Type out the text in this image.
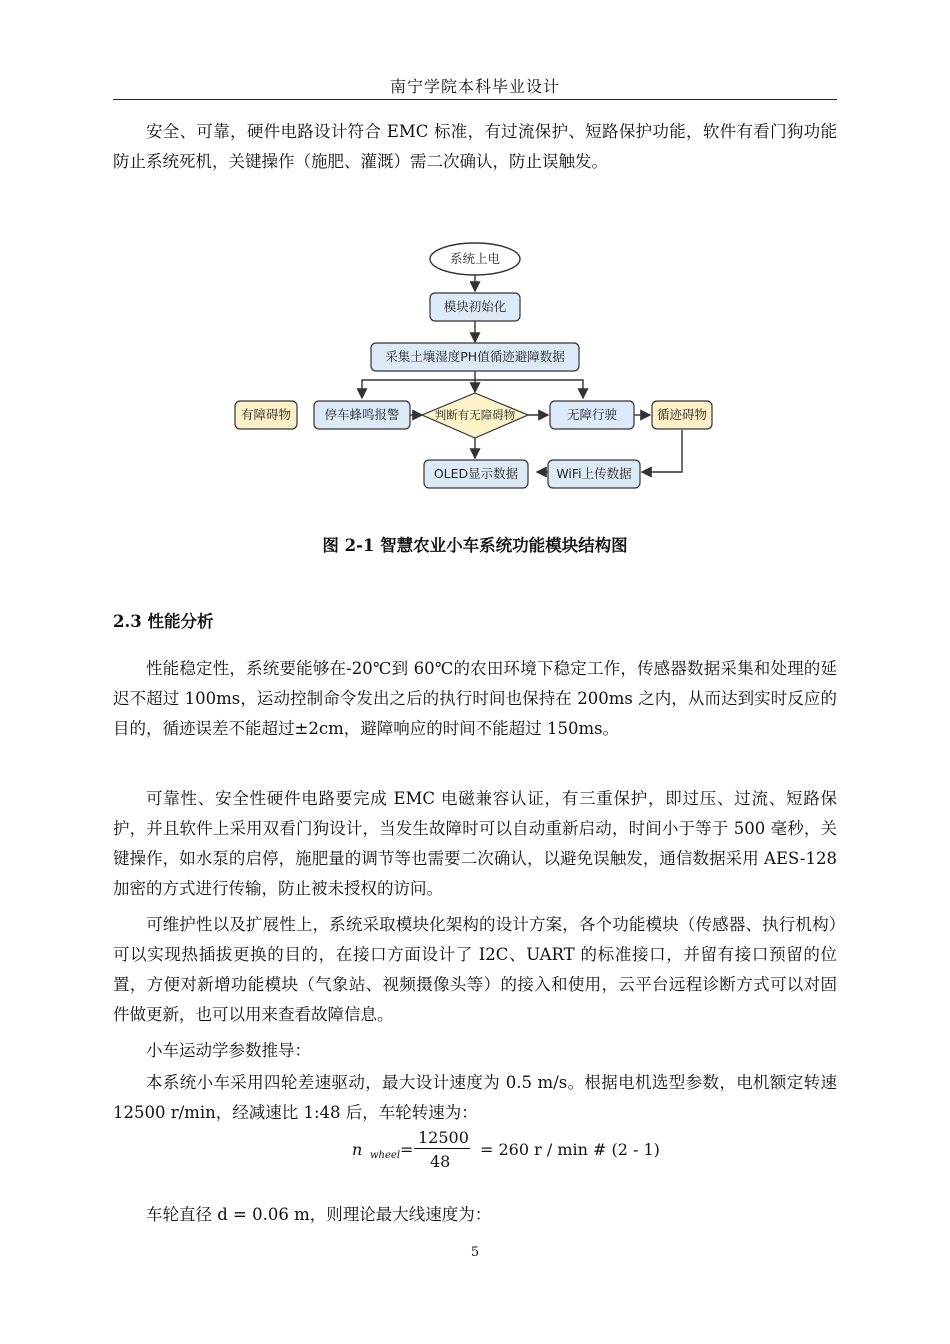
南宁学院本科毕业设计
安全、可靠，硬件电路设计符合 EMC 标准，有过流保护、短路保护功能，软件有看门狗功能防止系统死机，关键操作（施肥、灌溉）需二次确认，防止误触发。
系统上电
模块初始化
采集土壤湿度PH值循迹避障数据
有障碍物	停车蜂鸣报警	判断有无障碍物	无障行驶	循迹碍物
OLED显示数据	WiFi上传数据
图 2-1 智慧农业小车系统功能模块结构图
2.3 性能分析
性能稳定性，系统要能够在-20℃到 60℃的农田环境下稳定工作，传感器数据采集和处理的延迟不超过 100ms，运动控制命令发出之后的执行时间也保持在 200ms 之内，从而达到实时反应的目的，循迹误差不能超过±2cm，避障响应的时间不能超过 150ms。
可靠性、安全性硬件电路要完成 EMC 电磁兼容认证，有三重保护，即过压、过流、短路保护，并且软件上采用双看门狗设计，当发生故障时可以自动重新启动，时间小于等于 500 毫秒，关键操作，如水泵的启停，施肥量的调节等也需要二次确认，以避免误触发，通信数据采用 AES-128 加密的方式进行传输，防止被未授权的访问。
可维护性以及扩展性上，系统采取模块化架构的设计方案，各个功能模块（传感器、执行机构）可以实现热插拔更换的目的，在接口方面设计了 I2C、UART 的标准接口，并留有接口预留的位置，方便对新增功能模块（气象站、视频摄像头等）的接入和使用，云平台远程诊断方式可以对固件做更新，也可以用来查看故障信息。
小车运动学参数推导：
本系统小车采用四轮差速驱动，最大设计速度为 0.5 m/s。根据电机选型参数，电机额定转速 12500 r/min，经减速比 1:48 后，车轮转速为：
n wheel =
12500
48
= 260 r / min # (2 - 1)
车轮直径 d = 0.06 m，则理论最大线速度为：
5
